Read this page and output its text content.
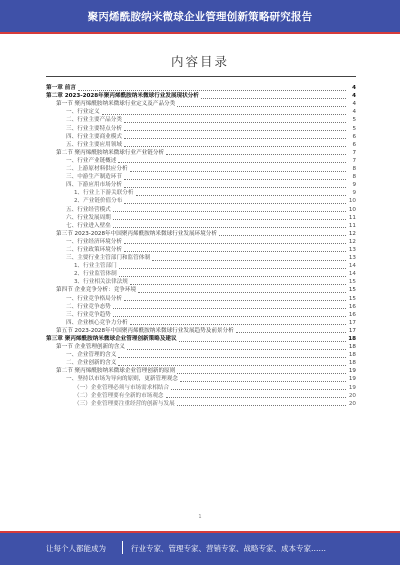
聚丙烯酰胺纳米微球企业管理创新策略研究报告
内容目录
第一章 前言	4
第二章 2023-2028年聚丙烯酰胺纳米微球行业发展现状分析	4
第一节 聚丙烯酰胺纳米微球行业定义及产品分类	4
一、行业定义	4
二、行业主要产品分类	5
三、行业主要特点分析	5
四、行业主要商业模式	6
五、行业主要应用领域	6
第二节 聚丙烯酰胺纳米微球行业产业链分析	7
一、行业产业链概述	7
二、上游原材料供应分析	8
三、中游生产制造环节	8
四、下游应用市场分析	9
1、行业上下游关联分析	9
2、产业链价值分布	10
五、行业经营模式	10
六、行业发展周期	11
七、行业进入壁垒	11
第三节 2023-2028年中国聚丙烯酰胺纳米微球行业发展环境分析	12
一、行业经济环境分析	12
二、行业政策环境分析	13
三、主要行业主管部门和监管体制	13
1、行业主管部门	14
2、行业监管体制	14
3、行业相关法律法规	15
第四节 企业竞争分析：竞争环境	15
一、行业竞争格局分析	15
二、行业竞争态势	16
三、行业竞争趋势	16
四、企业核心竞争力分析	17
第五节 2023-2028年中国聚丙烯酰胺纳米微球行业发展趋势及前景分析	17
第三章 聚丙烯酰胺纳米微球企业管理创新策略及建议	18
第一节 企业管理创新的含义	18
一、企业管理的含义	18
二、企业创新的含义	18
第二节 聚丙烯酰胺纳米微球企业管理创新的原则	19
一、坚持以市场为导向的原则，更新管理观念	19
（一）企业管理必须与市场需求相结合	19
（二）企业管理要有全新的市场观念	20
（三）企业管理要注重经营的创新与发展	20
1
让每个人都能成为	行业专家、管理专家、营销专家、战略专家、成本专家……
